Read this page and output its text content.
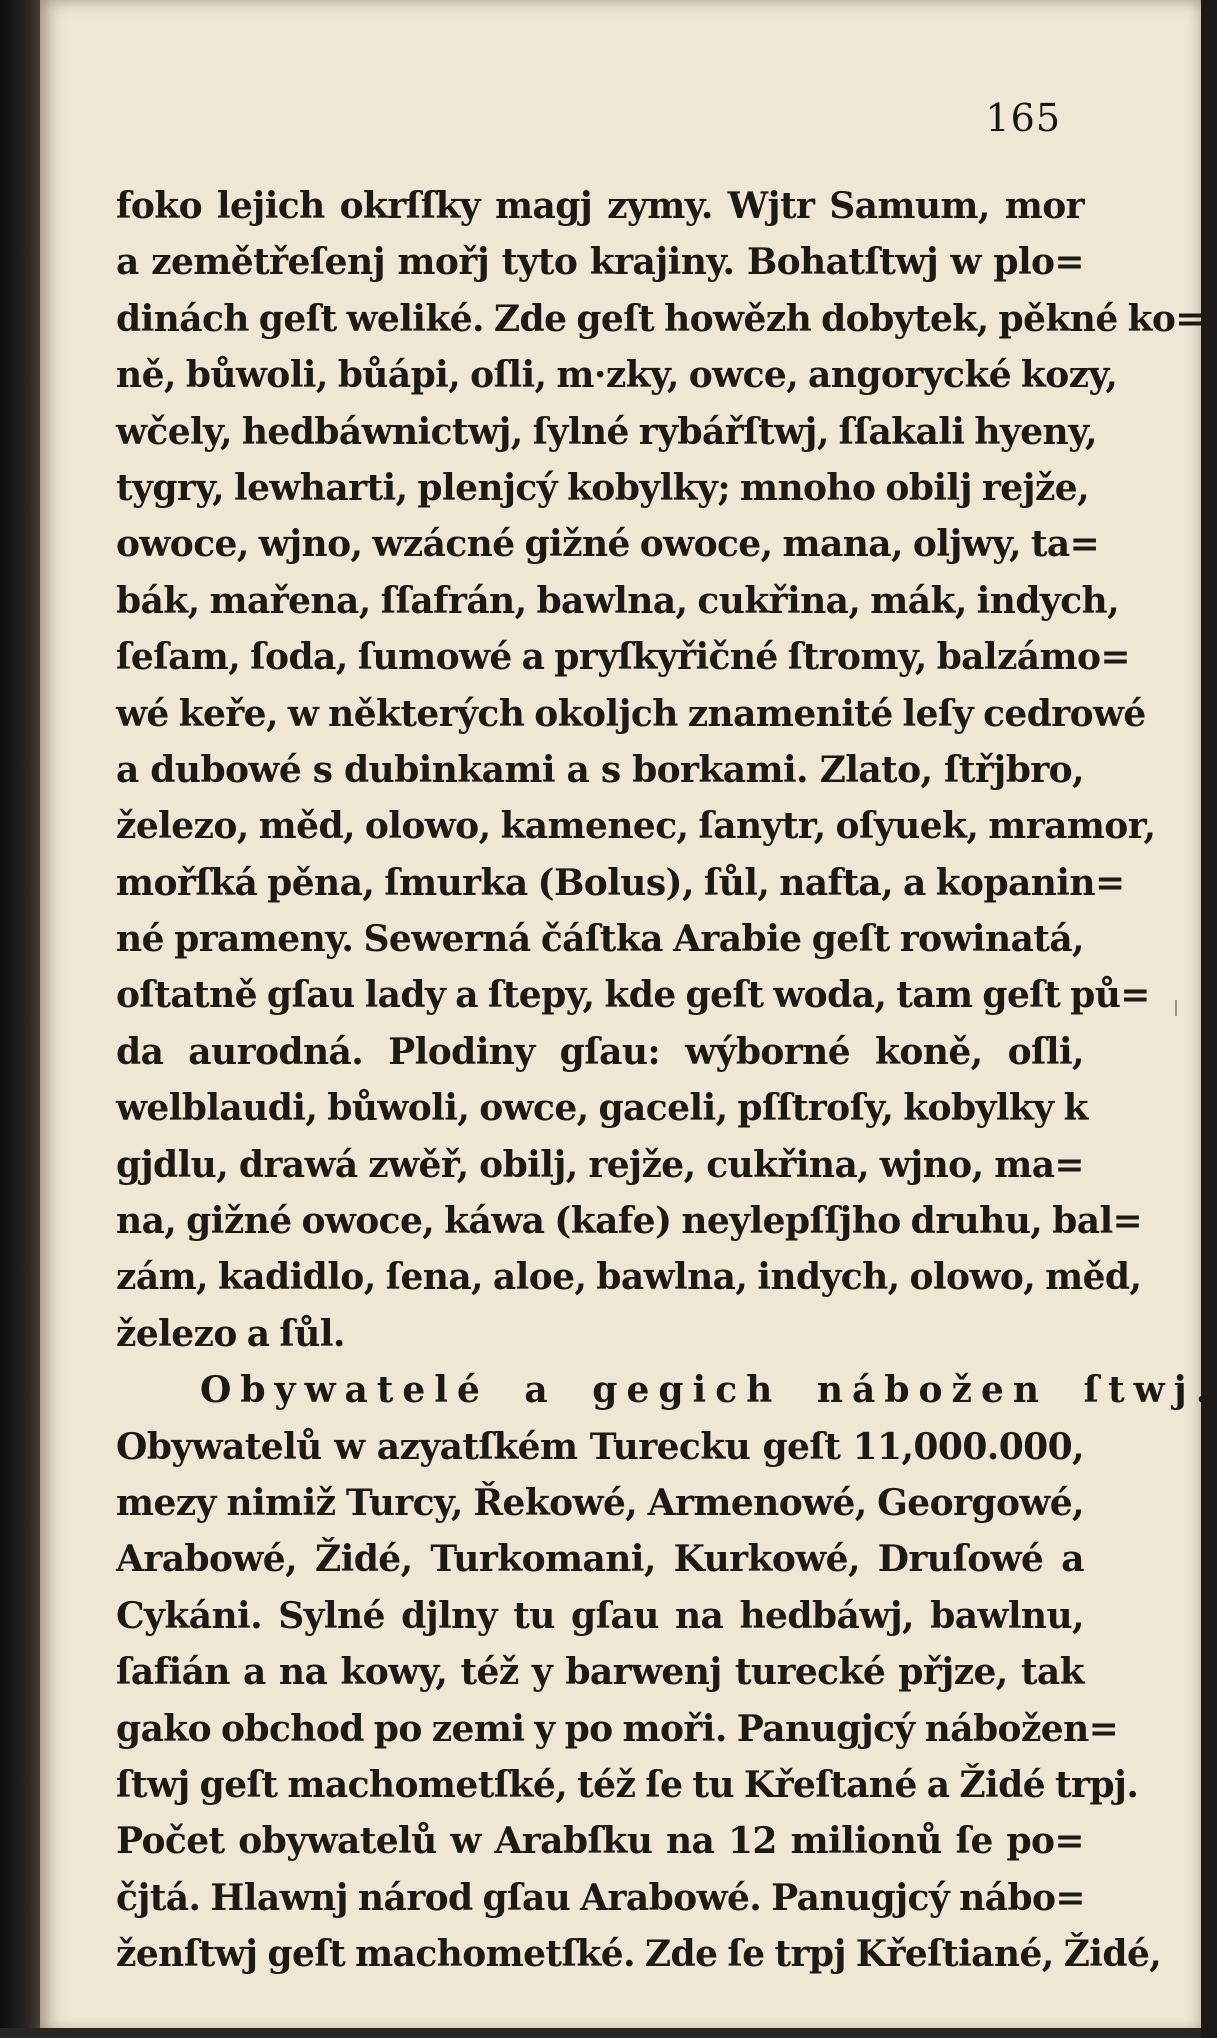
165
foko lejich okrſſky magj zymy. Wjtr Samum, mor
a zemětřeſenj mořj tyto krajiny. Bohatſtwj w plo=
dinách geſt weliké. Zde geſt howězh dobytek, pěkné ko=
ně, bůwoli, bůápi, oſli, m·zky, owce, angorycké kozy,
wčely, hedbáwnictwj, ſylné rybářſtwj, ſſakali hyeny,
tygry, lewharti, plenjcý kobylky; mnoho obilj rejže,
owoce, wjno, wzácné gižné owoce, mana, oljwy, ta=
bák, mařena, ſſafrán, bawlna, cukřina, mák, indych,
ſeſam, ſoda, ſumowé a pryſkyřičné ſtromy, balzámo=
wé keře, w některých okoljch znamenité leſy cedrowé
a dubowé s dubinkami a s borkami. Zlato, ſtřjbro,
železo, měd, olowo, kamenec, ſanytr, oſyuek, mramor,
mořſká pěna, ſmurka (Bolus), ſůl, nafta, a kopanin=
né prameny. Sewerná čáſtka Arabie geſt rowinatá,
oſtatně gſau lady a ſtepy, kde geſt woda, tam geſt pů=
da aurodná. Plodiny gſau: wýborné koně, oſli,
welblaudi, bůwoli, owce, gaceli, pſſtroſy, kobylky k
gjdlu, drawá zwěř, obilj, rejže, cukřina, wjno, ma=
na, gižné owoce, káwa (kafe) neylepſſjho druhu, bal=
zám, kadidlo, ſena, aloe, bawlna, indych, olowo, měd,
železo a ſůl.
Obywatelé a gegich nábožen ſtwj.
Obywatelů w azyatſkém Turecku geſt 11,000.000,
mezy nimiž Turcy, Řekowé, Armenowé, Georgowé,
Arabowé, Židé, Turkomani, Kurkowé, Druſowé a
Cykáni. Sylné djlny tu gſau na hedbáwj, bawlnu,
ſafián a na kowy, též y barwenj turecké přjze, tak
gako obchod po zemi y po moři. Panugjcý nábožen=
ſtwj geſt machometſké, též ſe tu Křeſtané a Židé trpj.
Počet obywatelů w Arabſku na 12 milionů ſe po=
čjtá. Hlawnj národ gſau Arabowé. Panugjcý nábo=
ženſtwj geſt machometſké. Zde ſe trpj Křeſtiané, Židé,
